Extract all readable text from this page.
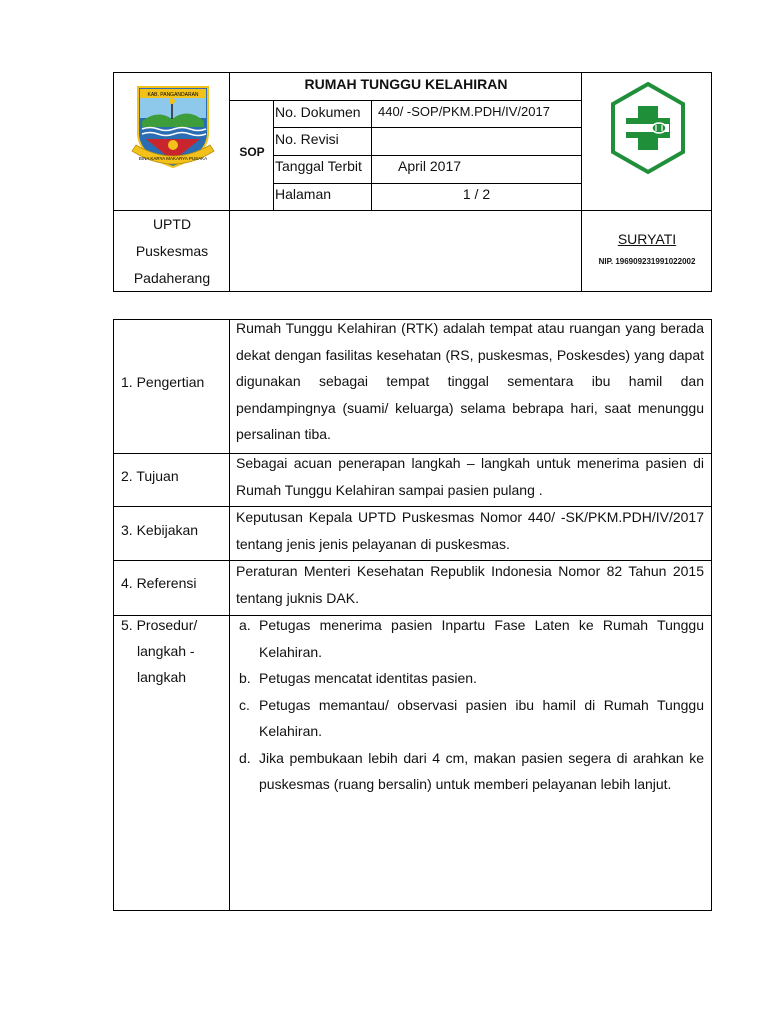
KAB. PANGANDARAN
BINA KARYA MAKARYA PUSAKA
RUMAH TUNGGU KELAHIRAN
SOP
No. Dokumen 440/ -SOP/PKM.PDH/IV/2017
No. Revisi
Tanggal Terbit	April 2017
Halaman	1 / 2
UPTD
Puskesmas
Padaherang
SURYATI
NIP. 196909231991022002
1. Pengertian
Rumah Tunggu Kelahiran (RTK) adalah tempat atau ruangan yang berada dekat dengan fasilitas kesehatan (RS, puskesmas, Poskesdes) yang dapat digunakan sebagai tempat tinggal sementara ibu hamil dan pendampingnya (suami/ keluarga) selama bebrapa hari, saat menunggu persalinan tiba.
2. Tujuan
Sebagai acuan penerapan langkah – langkah untuk menerima pasien di Rumah Tunggu Kelahiran sampai pasien pulang .
3. Kebijakan
Keputusan Kepala UPTD Puskesmas Nomor 440/ -SK/PKM.PDH/IV/2017 tentang jenis jenis pelayanan di puskesmas.
4. Referensi
Peraturan Menteri Kesehatan Republik Indonesia Nomor 82 Tahun 2015 tentang juknis DAK.
5. Prosedur/
langkah -
langkah
a. Petugas menerima pasien Inpartu Fase Laten ke Rumah Tunggu Kelahiran.
b. Petugas mencatat identitas pasien.
c. Petugas memantau/ observasi pasien ibu hamil di Rumah Tunggu Kelahiran.
d. Jika pembukaan lebih dari 4 cm, makan pasien segera di arahkan ke puskesmas (ruang bersalin) untuk memberi pelayanan lebih lanjut.
